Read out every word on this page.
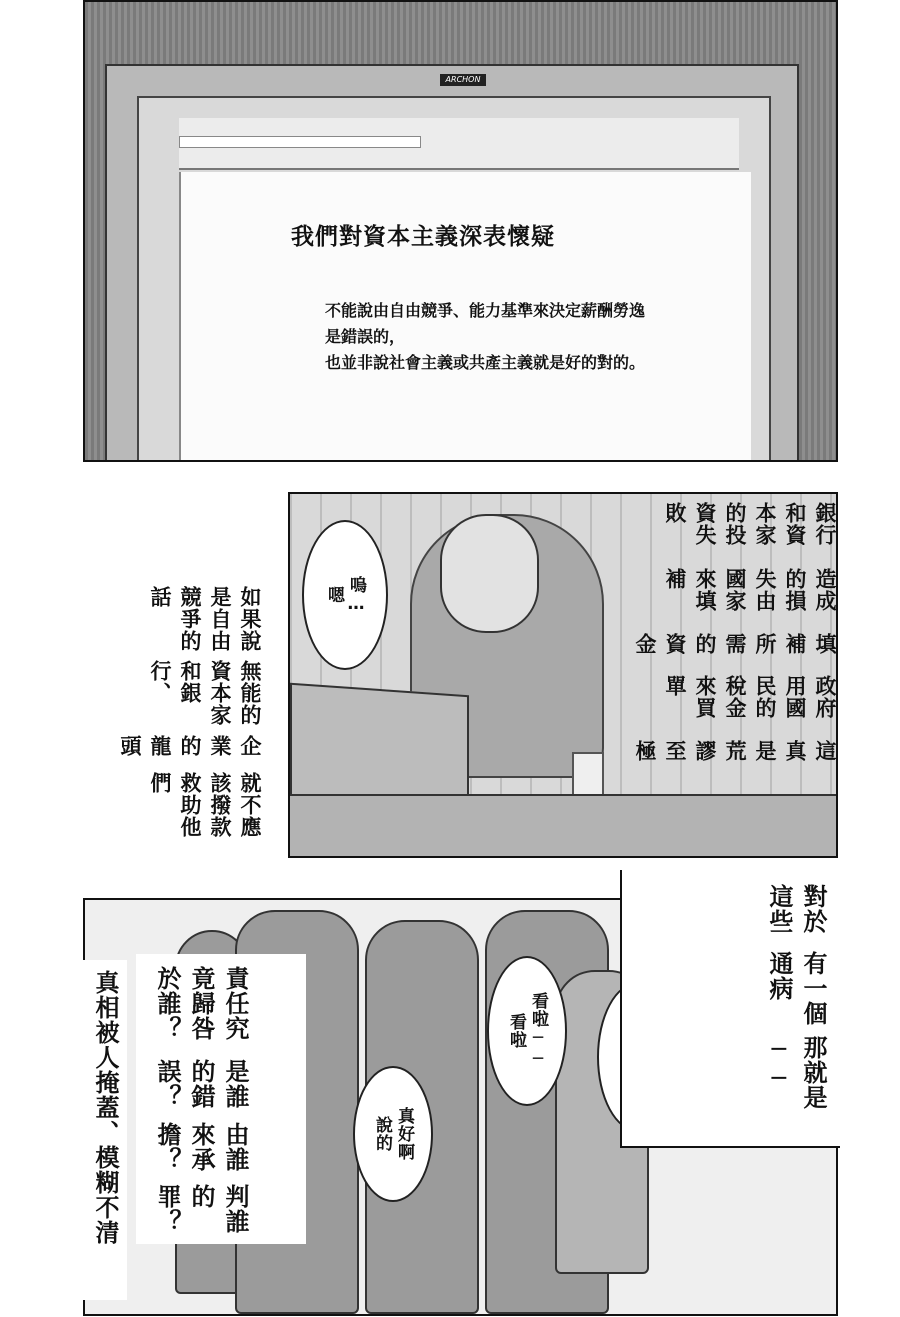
ARCHON
我們對資本主義深表懷疑
不能說由自由競爭、能力基準來決定薪酬勞逸
是錯誤的，
也並非說社會主義或共產主義就是好的對的。
嗯 嗚…
銀行和資本家的投資失敗
造成的損失由國家來填補
填補所需的資金
政府用國民的稅金來買單
這真是荒謬至極
如果說是自由競爭的話
無能的資本家和銀行、
企業的龍頭
就不應該撥款救助他們
說的 真好啊
看啦 看啦──
對於這些
有一個通病
那就是──
責任究竟歸咎於誰？
是誰的錯誤？
由誰來承擔？
判誰的罪？
真相被人掩蓋、模糊不清
